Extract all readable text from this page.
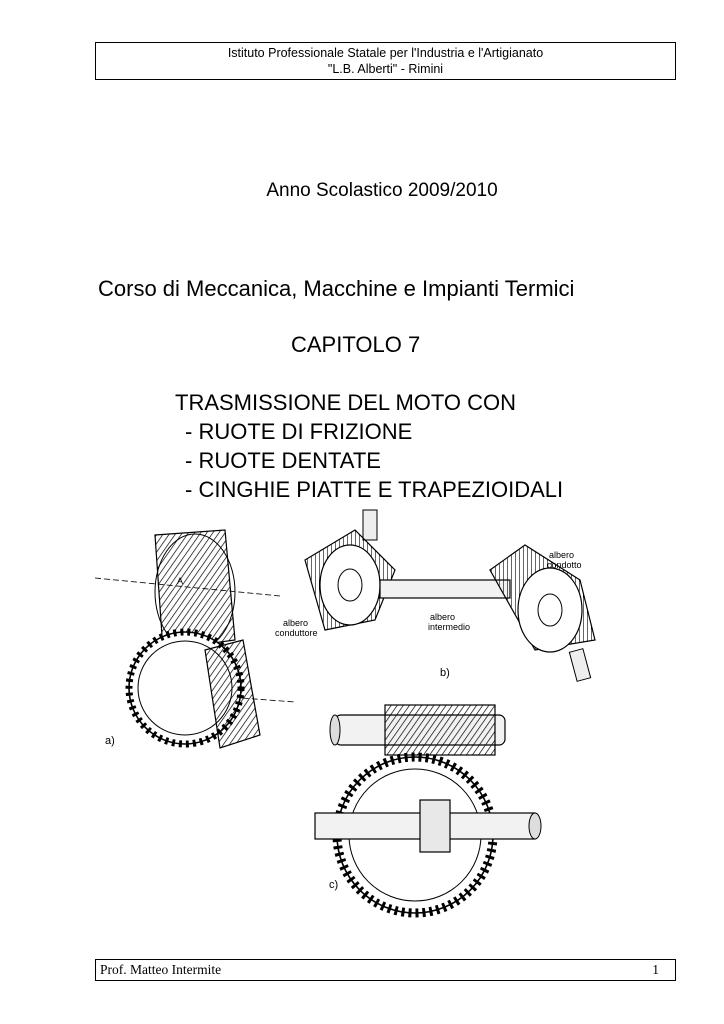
Istituto Professionale Statale per l'Industria e l'Artigianato
"L.B. Alberti" - Rimini
Anno Scolastico 2009/2010
Corso di Meccanica, Macchine e Impianti Termici
CAPITOLO 7
TRASMISSIONE DEL MOTO CON
- RUOTE DI FRIZIONE
- RUOTE DENTATE
- CINGHIE PIATTE E TRAPEZIOIDALI
A
a)
albero
conduttore
albero
intermedio
albero
condotto
b)
c)
Prof. Matteo Intermite	1
